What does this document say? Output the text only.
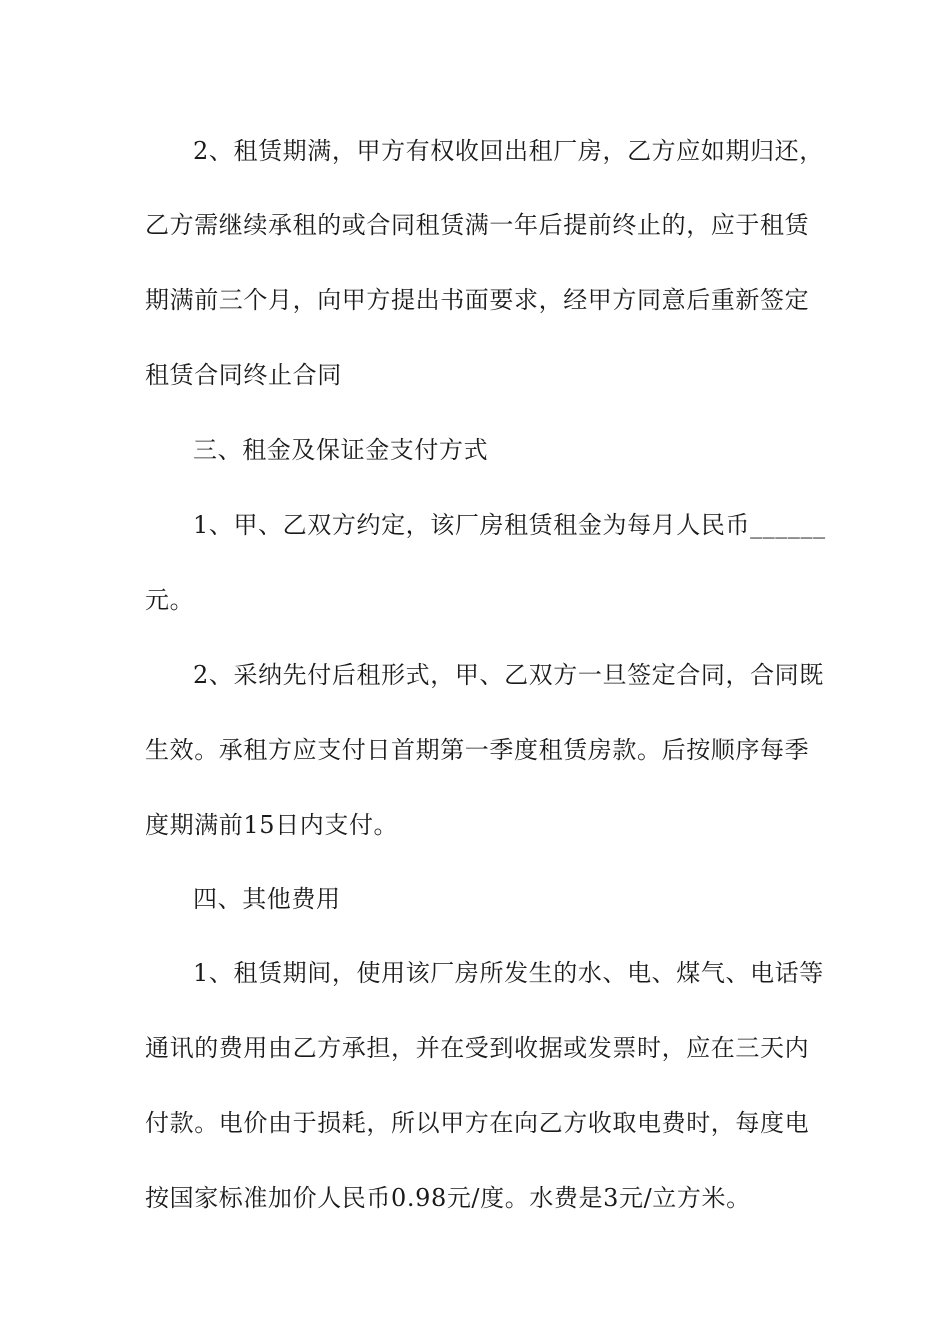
2、租赁期满，甲方有权收回出租厂房，乙方应如期归还，
乙方需继续承租的或合同租赁满一年后提前终止的，应于租赁
期满前三个月，向甲方提出书面要求，经甲方同意后重新签定
租赁合同终止合同
三、租金及保证金支付方式
1、甲、乙双方约定，该厂房租赁租金为每月人民币______
元。
2、采纳先付后租形式，甲、乙双方一旦签定合同，合同既
生效。承租方应支付日首期第一季度租赁房款。后按顺序每季
度期满前15日内支付。
四、其他费用
1、租赁期间，使用该厂房所发生的水、电、煤气、电话等
通讯的费用由乙方承担，并在受到收据或发票时，应在三天内
付款。电价由于损耗，所以甲方在向乙方收取电费时，每度电
按国家标准加价人民币0.98元/度。水费是3元/立方米。
